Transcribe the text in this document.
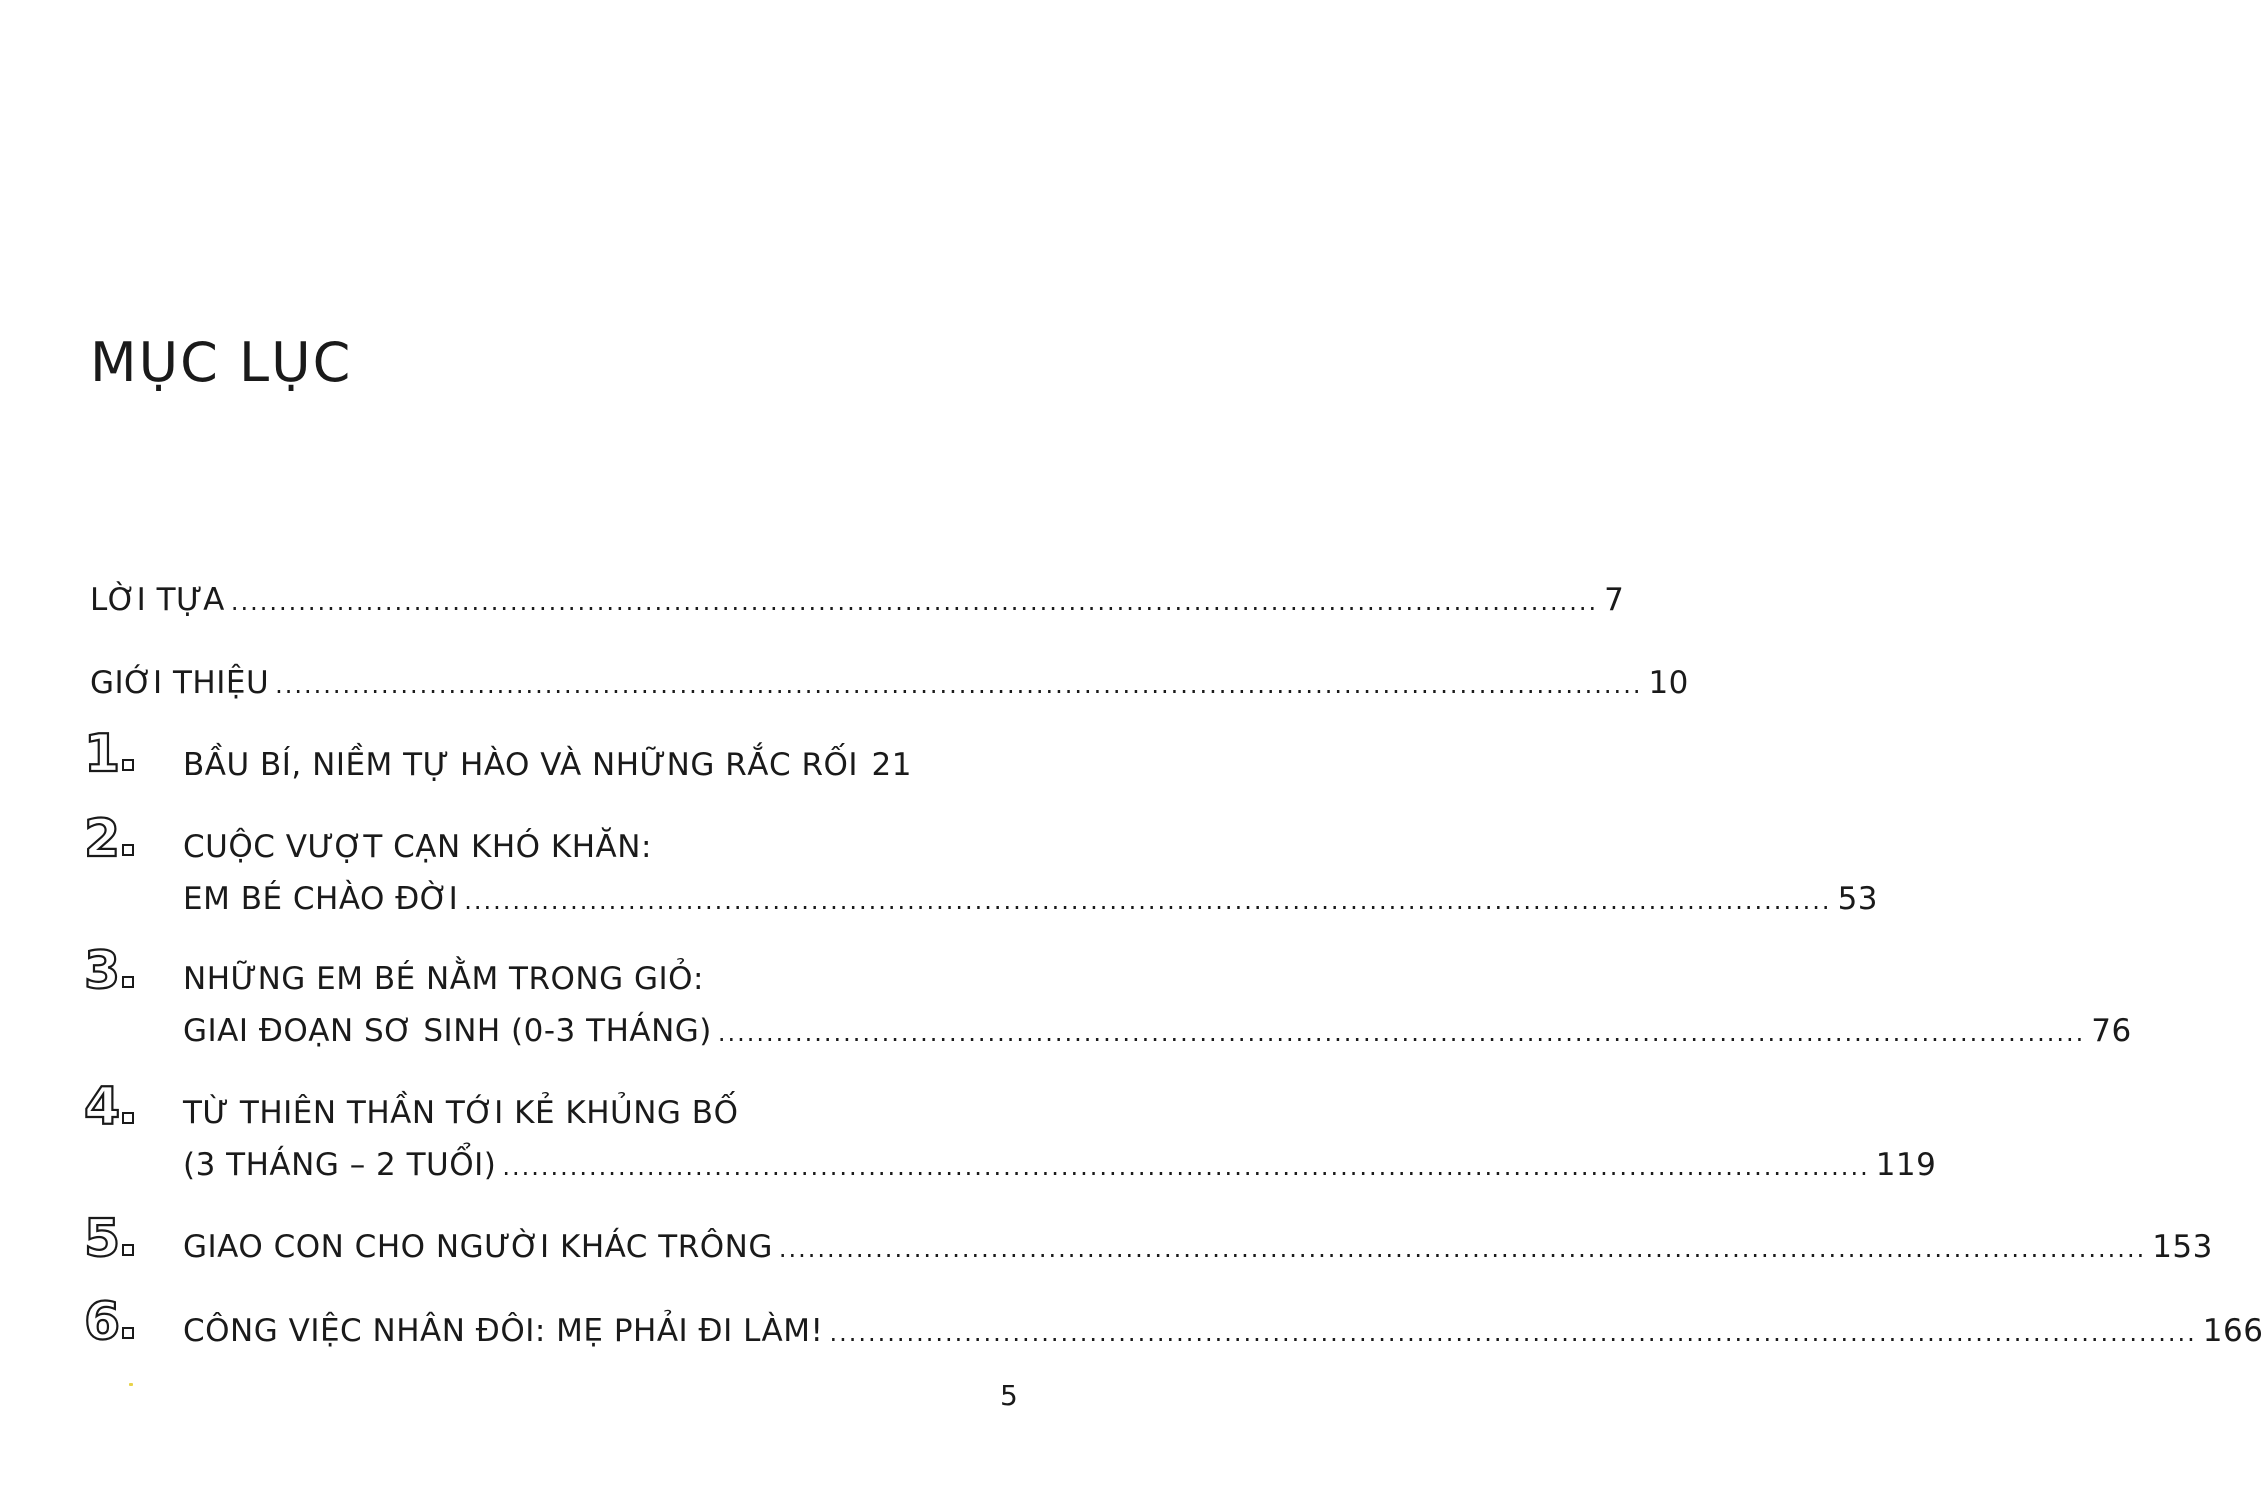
MỤC LỤC
LỜI TỰA .............................................................................................................................................. 7
GIỚI THIỆU .............................................................................................................................................. 10
1	BẦU BÍ, NIỀM TỰ HÀO VÀ NHỮNG RẮC RỐI 21
2	CUỘC VƯỢT CẠN KHÓ KHĂN:
EM BÉ CHÀO ĐỜI .............................................................................................................................................. 53
3	NHỮNG EM BÉ NẰM TRONG GIỎ:
GIAI ĐOẠN SƠ SINH (0-3 THÁNG) .............................................................................................................................................. 76
4	TỪ THIÊN THẦN TỚI KẺ KHỦNG BỐ
(3 THÁNG – 2 TUỔI) .............................................................................................................................................. 119
5	GIAO CON CHO NGƯỜI KHÁC TRÔNG .............................................................................................................................................. 153
6	CÔNG VIỆC NHÂN ĐÔI: MẸ PHẢI ĐI LÀM! .............................................................................................................................................. 166
5
